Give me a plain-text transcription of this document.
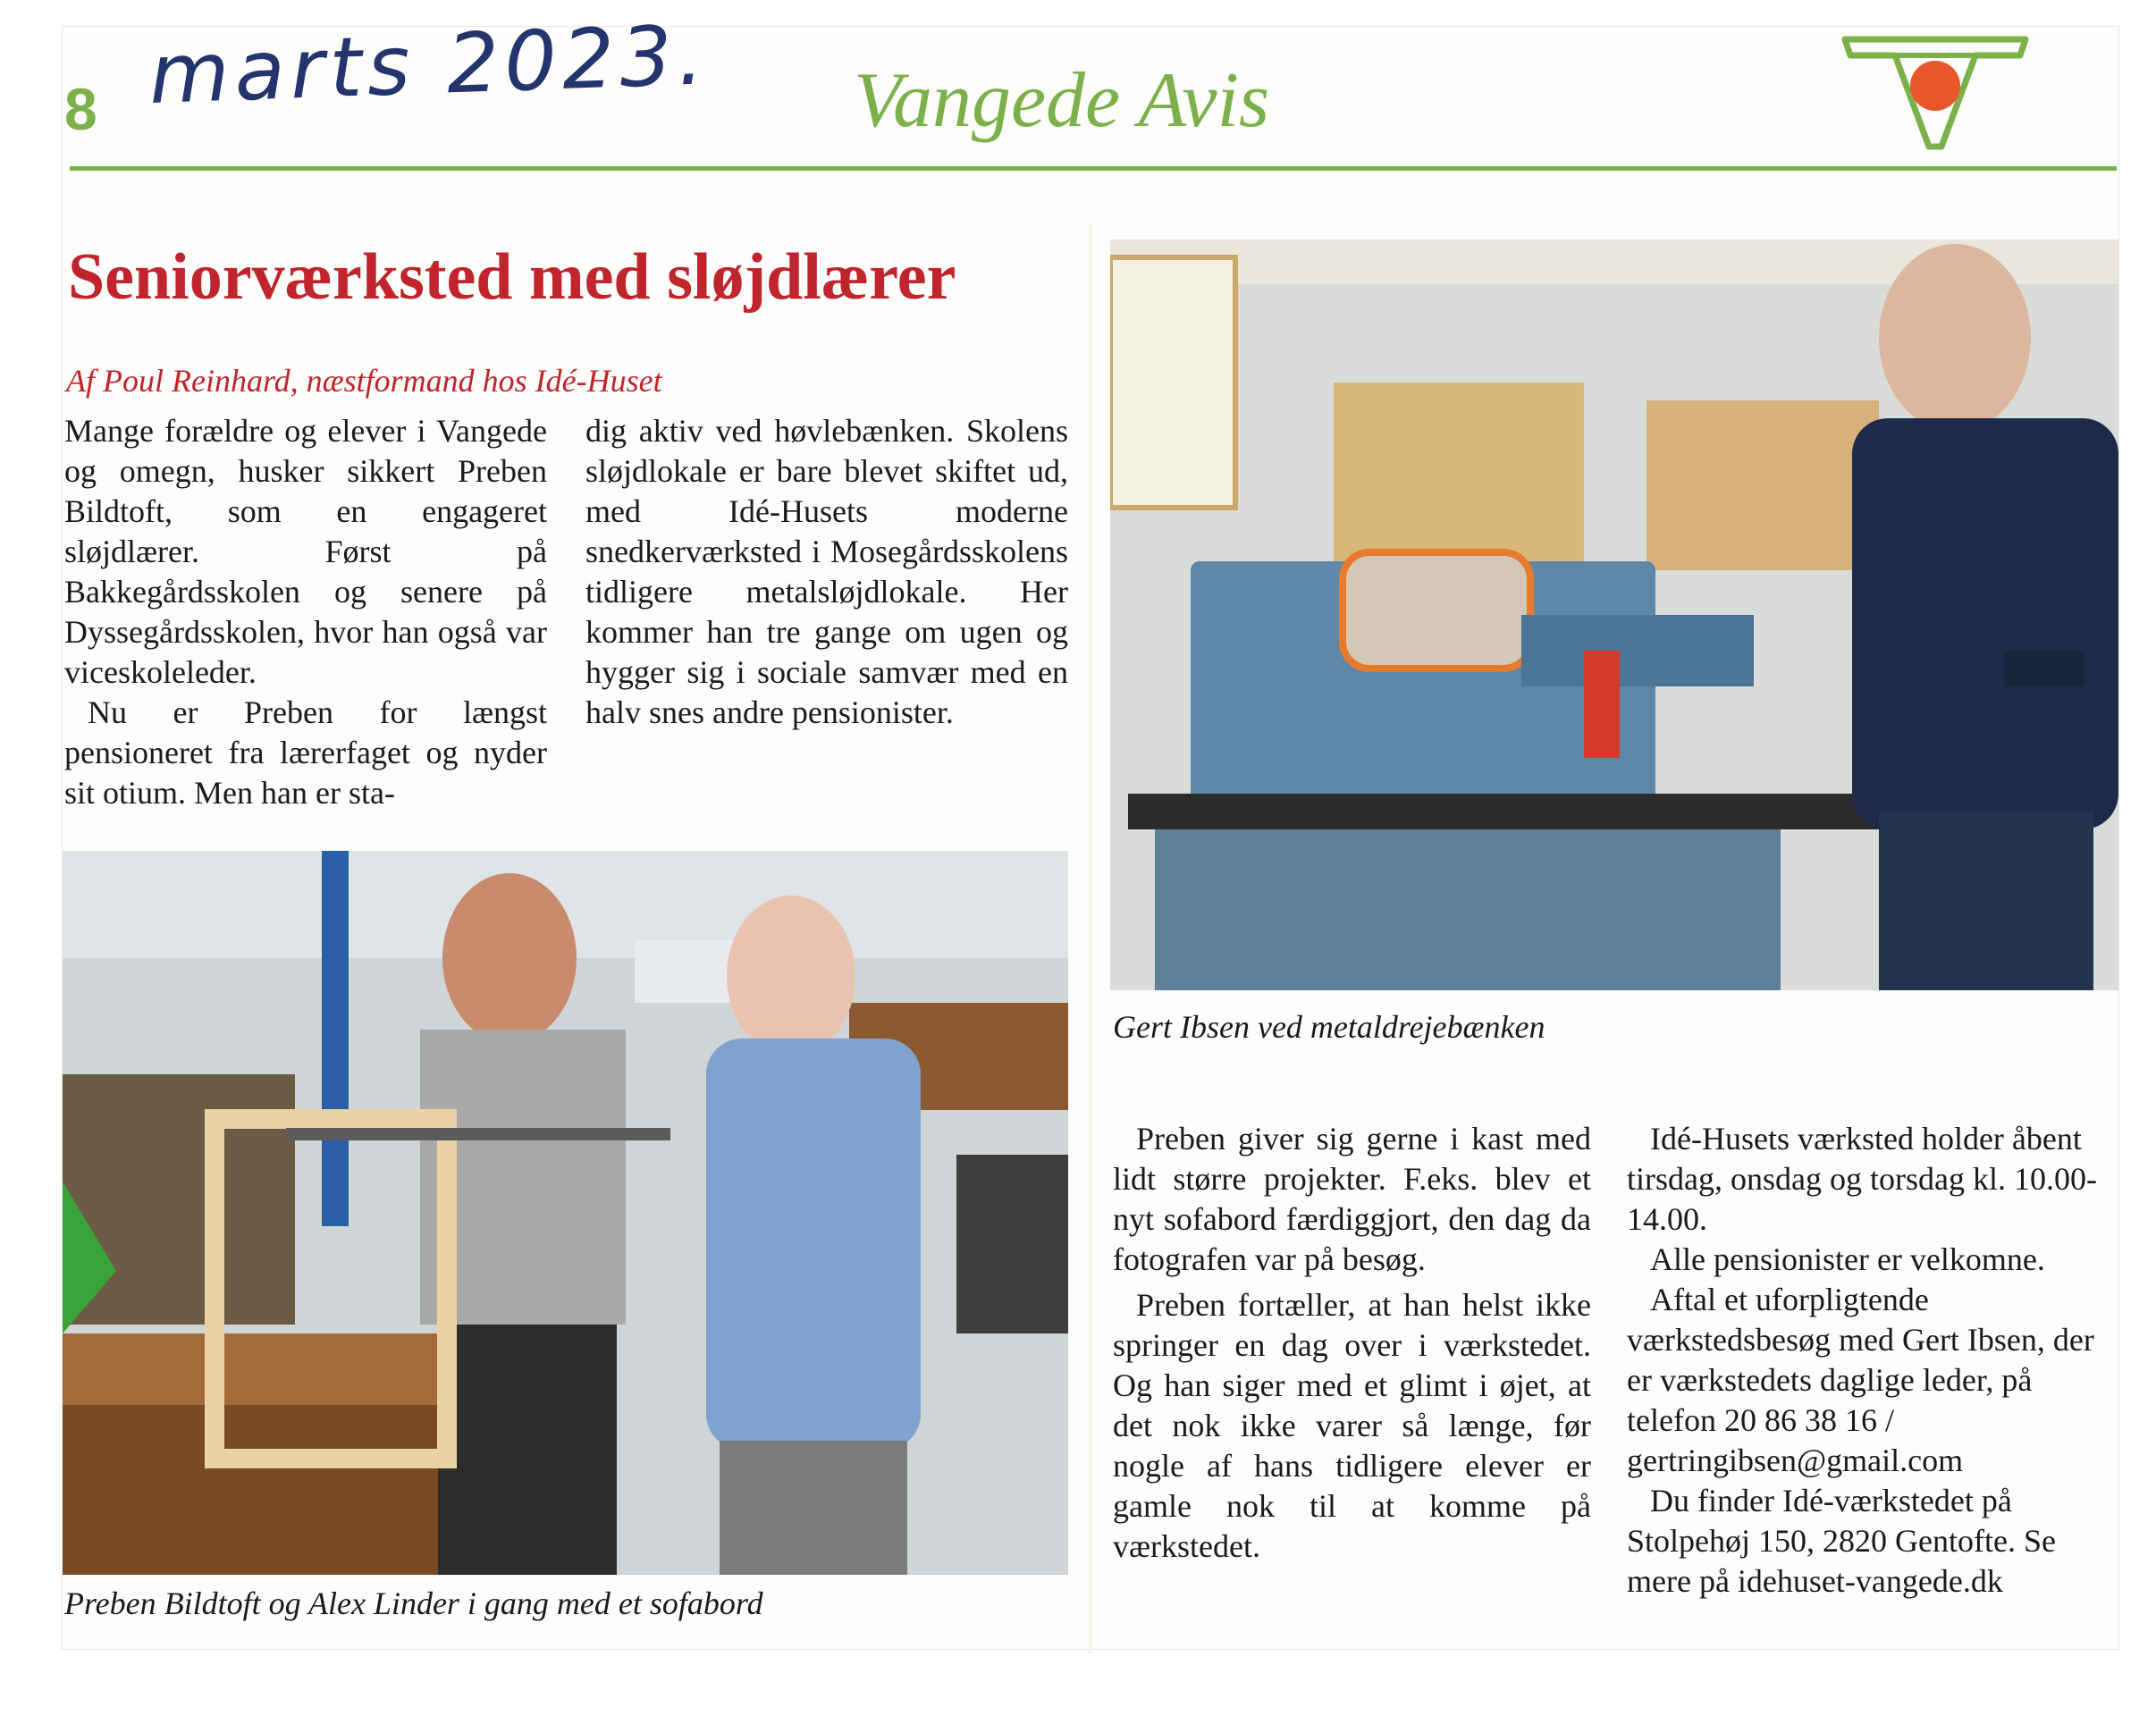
8 marts 2023. Vangede Avis
Seniorværksted med sløjdlærer
Af Poul Reinhard, næstformand hos Idé-Huset

Mange forældre og elever i Vangede og omegn, husker sikkert Preben Bildtoft, som en engageret sløjdlærer. Først på Bakkegårdsskolen og senere på Dyssegårdsskolen, hvor han også var viceskoleleder.

Nu er Preben for længst pensioneret fra lærerfaget og nyder sit otium. Men han er sta-

dig aktiv ved høvlebænken. Skolens sløjdlokale er bare blevet skiftet ud, med Idé-Husets moderne snedkerværksted i Mosegårdsskolens tidligere metalsløjdlokale. Her kommer han tre gange om ugen og hygger sig i sociale samvær med en halv snes andre pensionister.

Preben Bildtoft og Alex Linder i gang med et sofabord
Gert Ibsen ved metaldrejebænken

Preben giver sig gerne i kast med lidt større projekter. F.eks. blev et nyt sofabord færdiggjort, den dag da fotografen var på besøg.

Preben fortæller, at han helst ikke springer en dag over i værkstedet. Og han siger med et glimt i øjet, at det nok ikke varer så længe, før nogle af hans tidligere elever er gamle nok til at komme på værkstedet.

Idé-Husets værksted holder åbent tirsdag, onsdag og torsdag kl. 10.00-14.00.

Alle pensionister er velkomne.

Aftal et uforpligtende værkstedsbesøg med Gert Ibsen, der er værkstedets daglige leder, på telefon 20 86 38 16 / gertringibsen@gmail.com

Du finder Idé-værkstedet på Stolpehøj 150, 2820 Gentofte. Se mere på idehuset-vangede.dk
